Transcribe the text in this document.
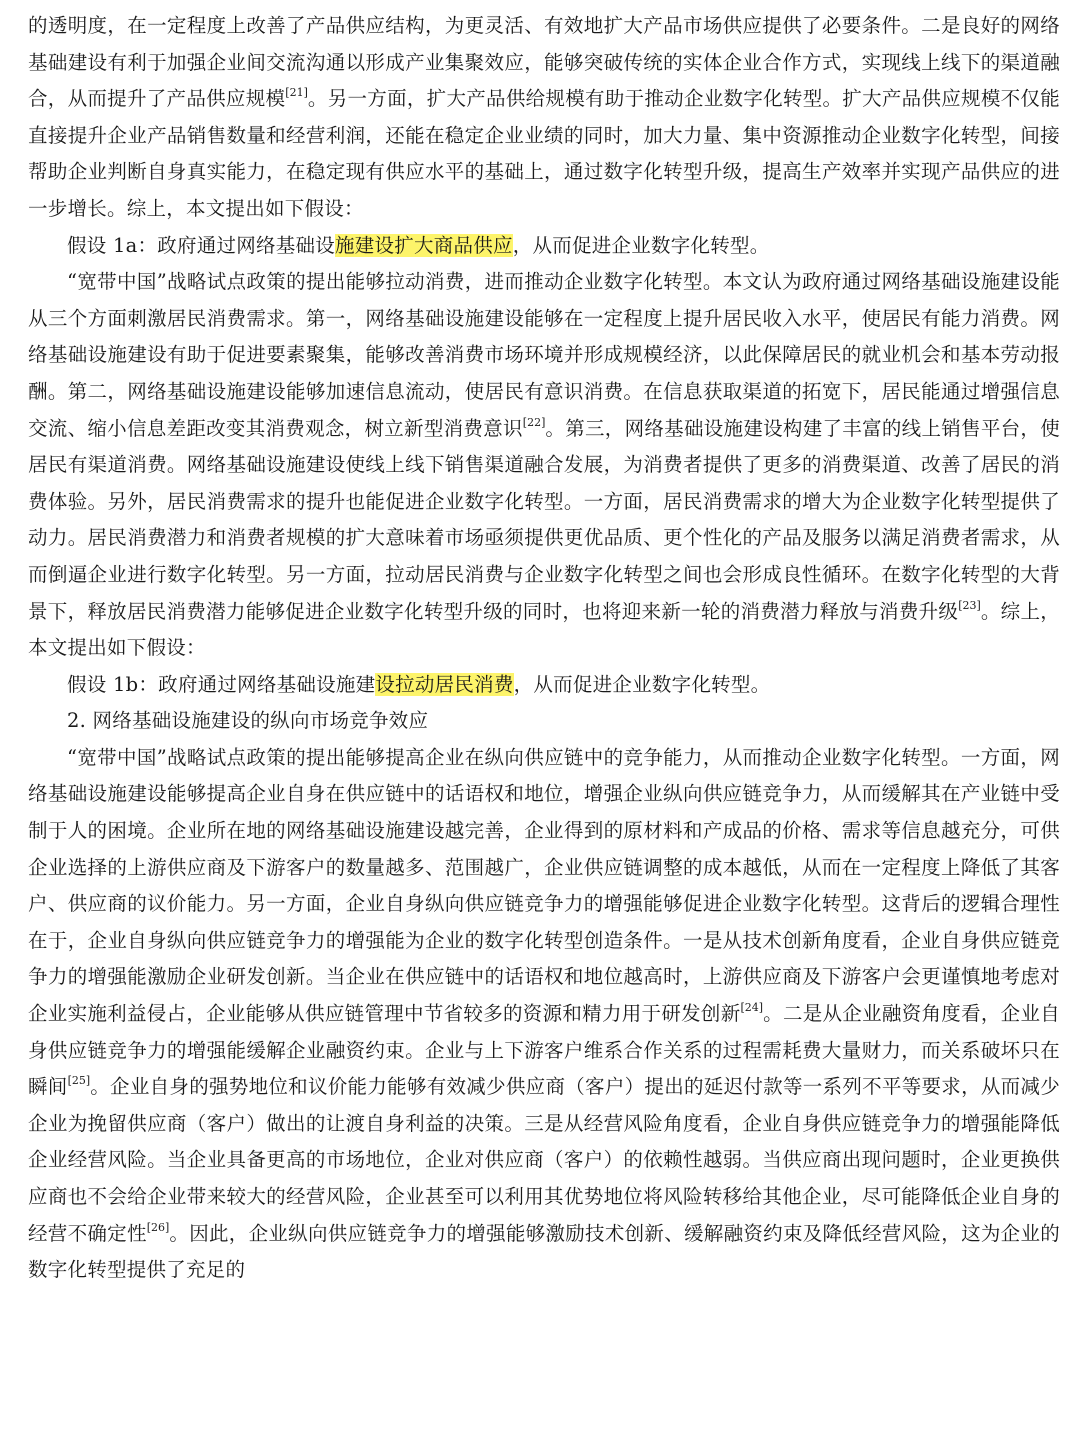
的透明度，在一定程度上改善了产品供应结构，为更灵活、有效地扩大产品市场供应提供了必要条件。二是良好的网络基础建设有利于加强企业间交流沟通以形成产业集聚效应，能够突破传统的实体企业合作方式，实现线上线下的渠道融合，从而提升了产品供应规模[21]。另一方面，扩大产品供给规模有助于推动企业数字化转型。扩大产品供应规模不仅能直接提升企业产品销售数量和经营利润，还能在稳定企业业绩的同时，加大力量、集中资源推动企业数字化转型，间接帮助企业判断自身真实能力，在稳定现有供应水平的基础上，通过数字化转型升级，提高生产效率并实现产品供应的进一步增长。综上，本文提出如下假设：

假设 1a：政府通过网络基础设施建设扩大商品供应，从而促进企业数字化转型。

“宽带中国”战略试点政策的提出能够拉动消费，进而推动企业数字化转型。本文认为政府通过网络基础设施建设能从三个方面刺激居民消费需求。第一，网络基础设施建设能够在一定程度上提升居民收入水平，使居民有能力消费。网络基础设施建设有助于促进要素聚集，能够改善消费市场环境并形成规模经济，以此保障居民的就业机会和基本劳动报酬。第二，网络基础设施建设能够加速信息流动，使居民有意识消费。在信息获取渠道的拓宽下，居民能通过增强信息交流、缩小信息差距改变其消费观念，树立新型消费意识[22]。第三，网络基础设施建设构建了丰富的线上销售平台，使居民有渠道消费。网络基础设施建设使线上线下销售渠道融合发展，为消费者提供了更多的消费渠道、改善了居民的消费体验。另外，居民消费需求的提升也能促进企业数字化转型。一方面，居民消费需求的增大为企业数字化转型提供了动力。居民消费潜力和消费者规模的扩大意味着市场亟须提供更优品质、更个性化的产品及服务以满足消费者需求，从而倒逼企业进行数字化转型。另一方面，拉动居民消费与企业数字化转型之间也会形成良性循环。在数字化转型的大背景下，释放居民消费潜力能够促进企业数字化转型升级的同时，也将迎来新一轮的消费潜力释放与消费升级[23]。综上，本文提出如下假设：

假设 1b：政府通过网络基础设施建设拉动居民消费，从而促进企业数字化转型。

2. 网络基础设施建设的纵向市场竞争效应

“宽带中国”战略试点政策的提出能够提高企业在纵向供应链中的竞争能力，从而推动企业数字化转型。一方面，网络基础设施建设能够提高企业自身在供应链中的话语权和地位，增强企业纵向供应链竞争力，从而缓解其在产业链中受制于人的困境。企业所在地的网络基础设施建设越完善，企业得到的原材料和产成品的价格、需求等信息越充分，可供企业选择的上游供应商及下游客户的数量越多、范围越广，企业供应链调整的成本越低，从而在一定程度上降低了其客户、供应商的议价能力。另一方面，企业自身纵向供应链竞争力的增强能够促进企业数字化转型。这背后的逻辑合理性在于，企业自身纵向供应链竞争力的增强能为企业的数字化转型创造条件。一是从技术创新角度看，企业自身供应链竞争力的增强能激励企业研发创新。当企业在供应链中的话语权和地位越高时，上游供应商及下游客户会更谨慎地考虑对企业实施利益侵占，企业能够从供应链管理中节省较多的资源和精力用于研发创新[24]。二是从企业融资角度看，企业自身供应链竞争力的增强能缓解企业融资约束。企业与上下游客户维系合作关系的过程需耗费大量财力，而关系破坏只在瞬间[25]。企业自身的强势地位和议价能力能够有效减少供应商（客户）提出的延迟付款等一系列不平等要求，从而减少企业为挽留供应商（客户）做出的让渡自身利益的决策。三是从经营风险角度看，企业自身供应链竞争力的增强能降低企业经营风险。当企业具备更高的市场地位，企业对供应商（客户）的依赖性越弱。当供应商出现问题时，企业更换供应商也不会给企业带来较大的经营风险，企业甚至可以利用其优势地位将风险转移给其他企业，尽可能降低企业自身的经营不确定性[26]。因此，企业纵向供应链竞争力的增强能够激励技术创新、缓解融资约束及降低经营风险，这为企业的数字化转型提供了充足的
